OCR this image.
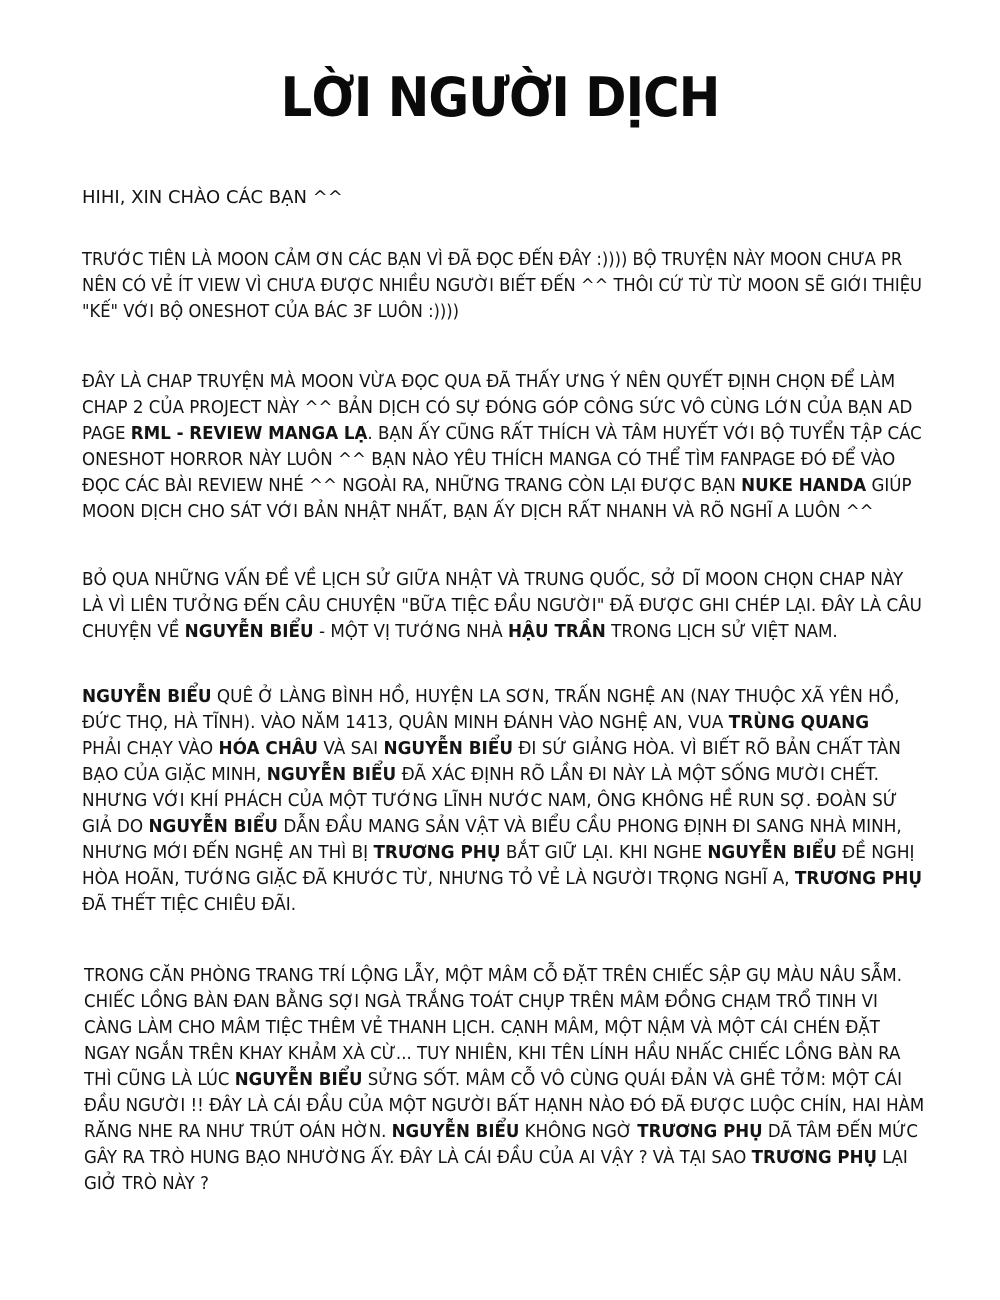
LỜI NGƯỜI DỊCH
HIHI, XIN CHÀO CÁC BẠN ^^
TRƯỚC TIÊN LÀ MOON CẢM ƠN CÁC BẠN VÌ ĐÃ ĐỌC ĐẾN ĐÂY :)))) BỘ TRUYỆN NÀY MOON CHƯA PR
NÊN CÓ VẺ ÍT VIEW VÌ CHƯA ĐƯỢC NHIỀU NGƯỜI BIẾT ĐẾN ^^ THÔI CỨ TỪ TỪ MOON SẼ GIỚI THIỆU
"KẾ" VỚI BỘ ONESHOT CỦA BÁC 3F LUÔN :))))
ĐÂY LÀ CHAP TRUYỆN MÀ MOON VỪA ĐỌC QUA ĐÃ THẤY ƯNG Ý NÊN QUYẾT ĐỊNH CHỌN ĐỂ LÀM
CHAP 2 CỦA PROJECT NÀY ^^ BẢN DỊCH CÓ SỰ ĐÓNG GÓP CÔNG SỨC VÔ CÙNG LỚN CỦA BẠN AD
PAGE RML - REVIEW MANGA LẠ. BẠN ẤY CŨNG RẤT THÍCH VÀ TÂM HUYẾT VỚI BỘ TUYỂN TẬP CÁC
ONESHOT HORROR NÀY LUÔN ^^ BẠN NÀO YÊU THÍCH MANGA CÓ THỂ TÌM FANPAGE ĐÓ ĐỂ VÀO
ĐỌC CÁC BÀI REVIEW NHÉ ^^ NGOÀI RA, NHỮNG TRANG CÒN LẠI ĐƯỢC BẠN NUKE HANDA GIÚP
MOON DỊCH CHO SÁT VỚI BẢN NHẬT NHẤT, BẠN ẤY DỊCH RẤT NHANH VÀ RÕ NGHĨ A LUÔN ^^
BỎ QUA NHỮNG VẤN ĐỀ VỀ LỊCH SỬ GIỮA NHẬT VÀ TRUNG QUỐC, SỞ DĨ MOON CHỌN CHAP NÀY
LÀ VÌ LIÊN TƯỞNG ĐẾN CÂU CHUYỆN "BỮA TIỆC ĐẦU NGƯỜI" ĐÃ ĐƯỢC GHI CHÉP LẠI. ĐÂY LÀ CÂU
CHUYỆN VỀ NGUYỄN BIỂU - MỘT VỊ TƯỚNG NHÀ HẬU TRẦN TRONG LỊCH SỬ VIỆT NAM.
NGUYỄN BIỂU QUÊ Ở LÀNG BÌNH HỒ, HUYỆN LA SƠN, TRẤN NGHỆ AN (NAY THUỘC XÃ YÊN HỒ,
ĐỨC THỌ, HÀ TĨNH). VÀO NĂM 1413, QUÂN MINH ĐÁNH VÀO NGHỆ AN, VUA TRÙNG QUANG
PHẢI CHẠY VÀO HÓA CHÂU VÀ SAI NGUYỄN BIỂU ĐI SỨ GIẢNG HÒA. VÌ BIẾT RÕ BẢN CHẤT TÀN
BẠO CỦA GIẶC MINH, NGUYỄN BIỂU ĐÃ XÁC ĐỊNH RÕ LẦN ĐI NÀY LÀ MỘT SỐNG MƯỜI CHẾT.
NHƯNG VỚI KHÍ PHÁCH CỦA MỘT TƯỚNG LĨNH NƯỚC NAM, ÔNG KHÔNG HỀ RUN SỢ. ĐOÀN SỨ
GIẢ DO NGUYỄN BIỂU DẪN ĐẦU MANG SẢN VẬT VÀ BIỂU CẦU PHONG ĐỊNH ĐI SANG NHÀ MINH,
NHƯNG MỚI ĐẾN NGHỆ AN THÌ BỊ TRƯƠNG PHỤ BẮT GIỮ LẠI. KHI NGHE NGUYỄN BIỂU ĐỀ NGHỊ
HÒA HOÃN, TƯỚNG GIẶC ĐÃ KHƯỚC TỪ, NHƯNG TỎ VẺ LÀ NGƯỜI TRỌNG NGHĨ A, TRƯƠNG PHỤ
ĐÃ THẾT TIỆC CHIÊU ĐÃI.
TRONG CĂN PHÒNG TRANG TRÍ LỘNG LẪY, MỘT MÂM CỖ ĐẶT TRÊN CHIẾC SẬP GỤ MÀU NÂU SẪM.
CHIẾC LỒNG BÀN ĐAN BẰNG SỢI NGÀ TRẮNG TOÁT CHỤP TRÊN MÂM ĐỒNG CHẠM TRỔ TINH VI
CÀNG LÀM CHO MÂM TIỆC THÊM VẺ THANH LỊCH. CẠNH MÂM, MỘT NẬM VÀ MỘT CÁI CHÉN ĐẶT
NGAY NGẮN TRÊN KHAY KHẢM XÀ CỪ... TUY NHIÊN, KHI TÊN LÍNH HẦU NHẤC CHIẾC LỒNG BÀN RA
THÌ CŨNG LÀ LÚC NGUYỄN BIỂU SỬNG SỐT. MÂM CỖ VÔ CÙNG QUÁI ĐẢN VÀ GHÊ TỞM: MỘT CÁI
ĐẦU NGƯỜI !! ĐÂY LÀ CÁI ĐẦU CỦA MỘT NGƯỜI BẤT HẠNH NÀO ĐÓ ĐÃ ĐƯỢC LUỘC CHÍN, HAI HÀM
RĂNG NHE RA NHƯ TRÚT OÁN HỜN. NGUYỄN BIỂU KHÔNG NGỜ TRƯƠNG PHỤ DÃ TÂM ĐẾN MỨC
GÂY RA TRÒ HUNG BẠO NHƯỜNG ẤY. ĐÂY LÀ CÁI ĐẦU CỦA AI VẬY ? VÀ TẠI SAO TRƯƠNG PHỤ LẠI
GIỞ TRÒ NÀY ?
